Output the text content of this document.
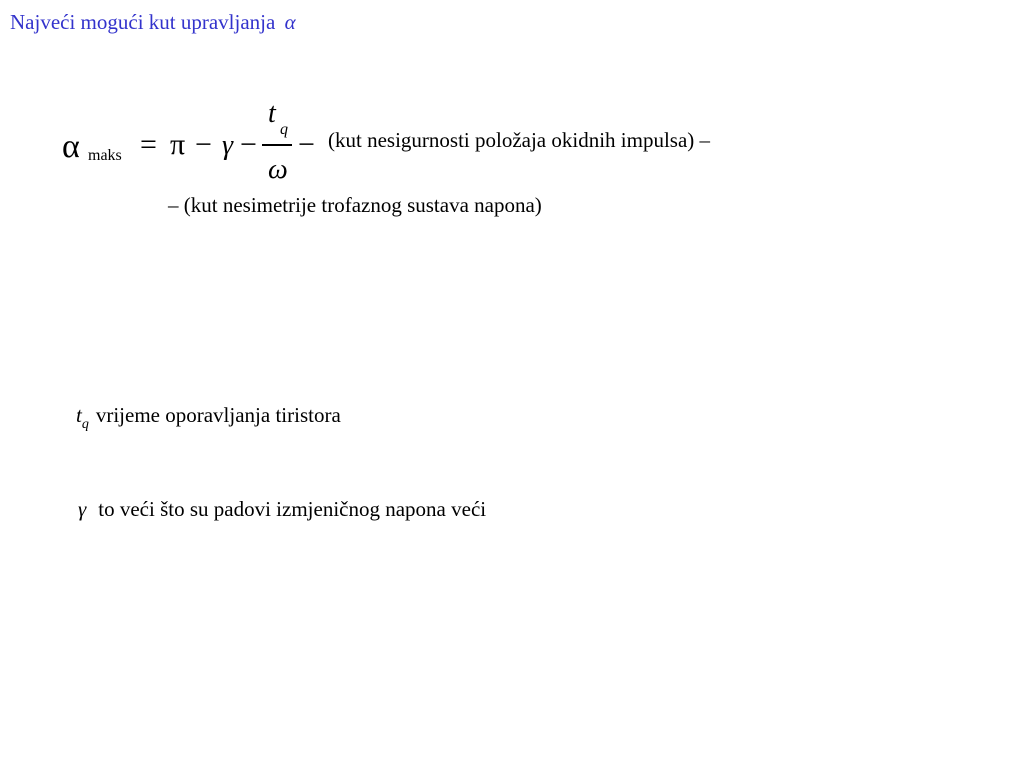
Najveći mogući kut upravljanja α
α maks = π − γ −
t
q
ω
− (kut nesigurnosti položaja okidnih impulsa) –
– (kut nesimetrije trofaznog sustava napona)
$t_q$ vrijeme oporavljanja tiristora
γ to veći što su padovi izmjeničnog napona veći
